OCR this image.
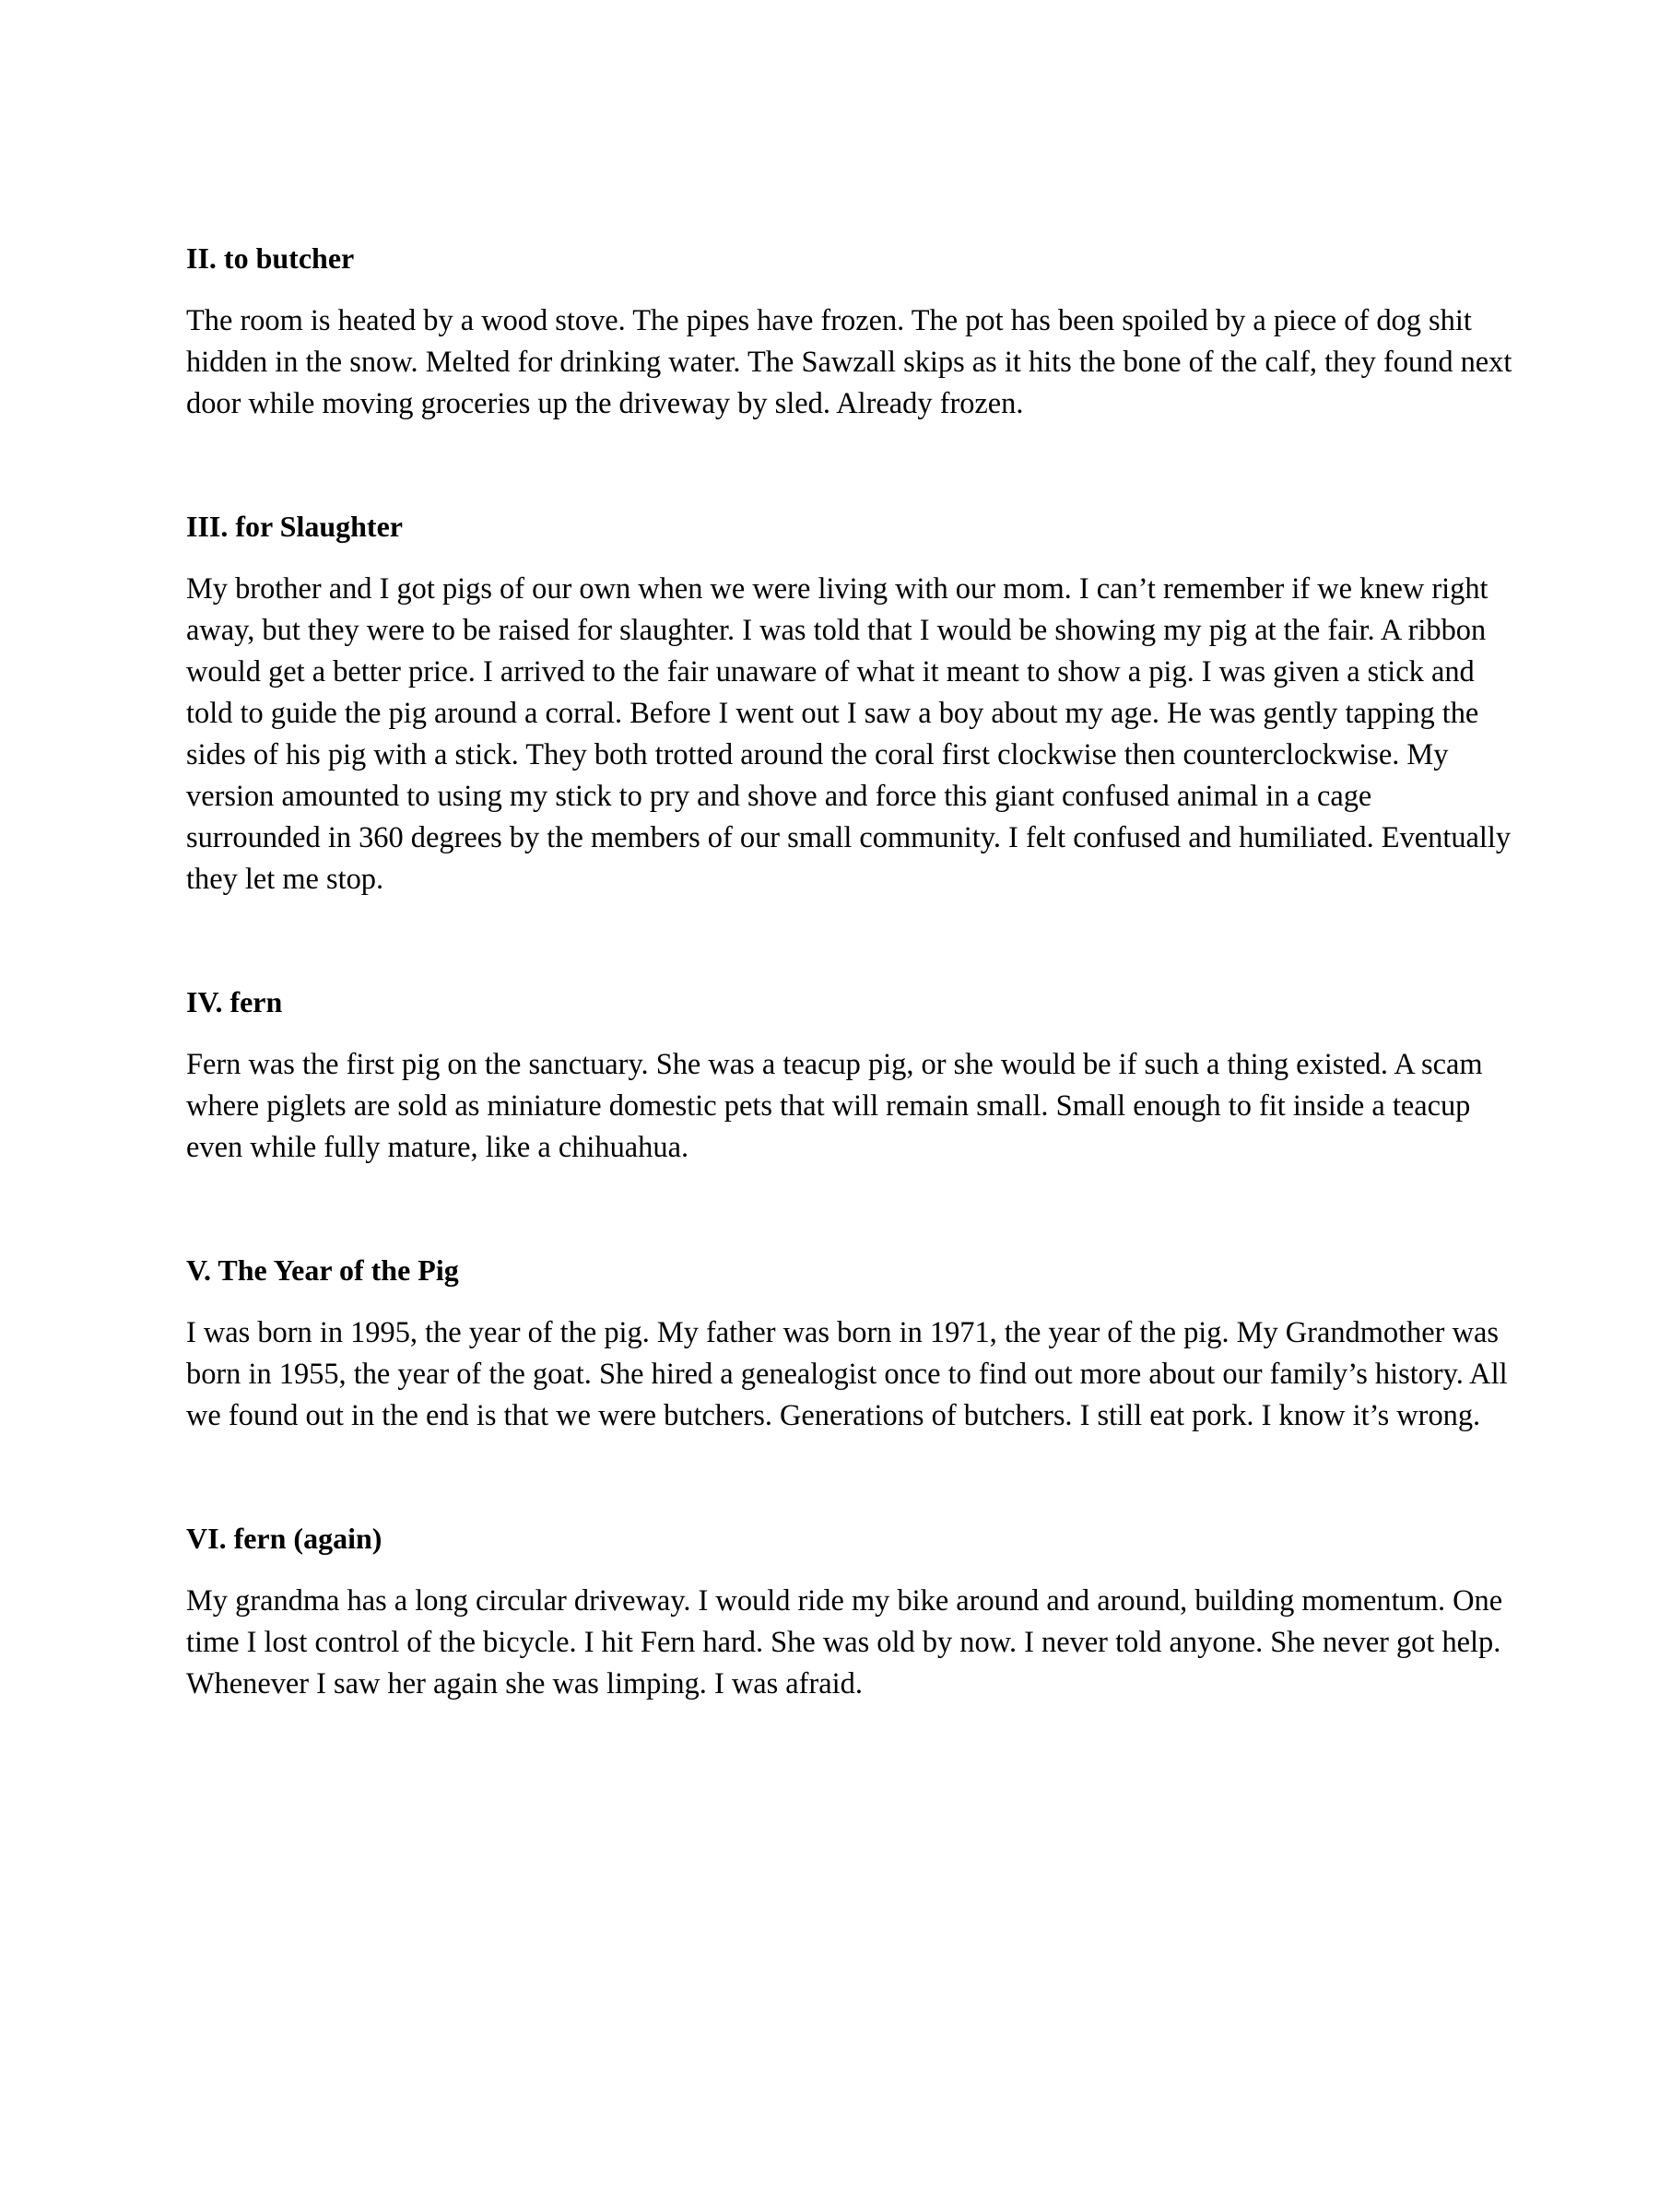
II. to butcher

The room is heated by a wood stove. The pipes have frozen. The pot has been spoiled by a piece of dog shit hidden in the snow. Melted for drinking water. The Sawzall skips as it hits the bone of the calf, they found next door while moving groceries up the driveway by sled. Already frozen.

III. for Slaughter

My brother and I got pigs of our own when we were living with our mom. I can’t remember if we knew right away, but they were to be raised for slaughter. I was told that I would be showing my pig at the fair. A ribbon would get a better price. I arrived to the fair unaware of what it meant to show a pig. I was given a stick and told to guide the pig around a corral. Before I went out I saw a boy about my age. He was gently tapping the sides of his pig with a stick. They both trotted around the coral first clockwise then counterclockwise. My version amounted to using my stick to pry and shove and force this giant confused animal in a cage surrounded in 360 degrees by the members of our small community. I felt confused and humiliated. Eventually they let me stop.

IV. fern

Fern was the first pig on the sanctuary. She was a teacup pig, or she would be if such a thing existed. A scam where piglets are sold as miniature domestic pets that will remain small. Small enough to fit inside a teacup even while fully mature, like a chihuahua.

V. The Year of the Pig

I was born in 1995, the year of the pig. My father was born in 1971, the year of the pig. My Grandmother was born in 1955, the year of the goat. She hired a genealogist once to find out more about our family’s history. All we found out in the end is that we were butchers. Generations of butchers. I still eat pork. I know it’s wrong.

VI. fern (again)

My grandma has a long circular driveway. I would ride my bike around and around, building momentum. One time I lost control of the bicycle. I hit Fern hard. She was old by now. I never told anyone. She never got help. Whenever I saw her again she was limping. I was afraid.
